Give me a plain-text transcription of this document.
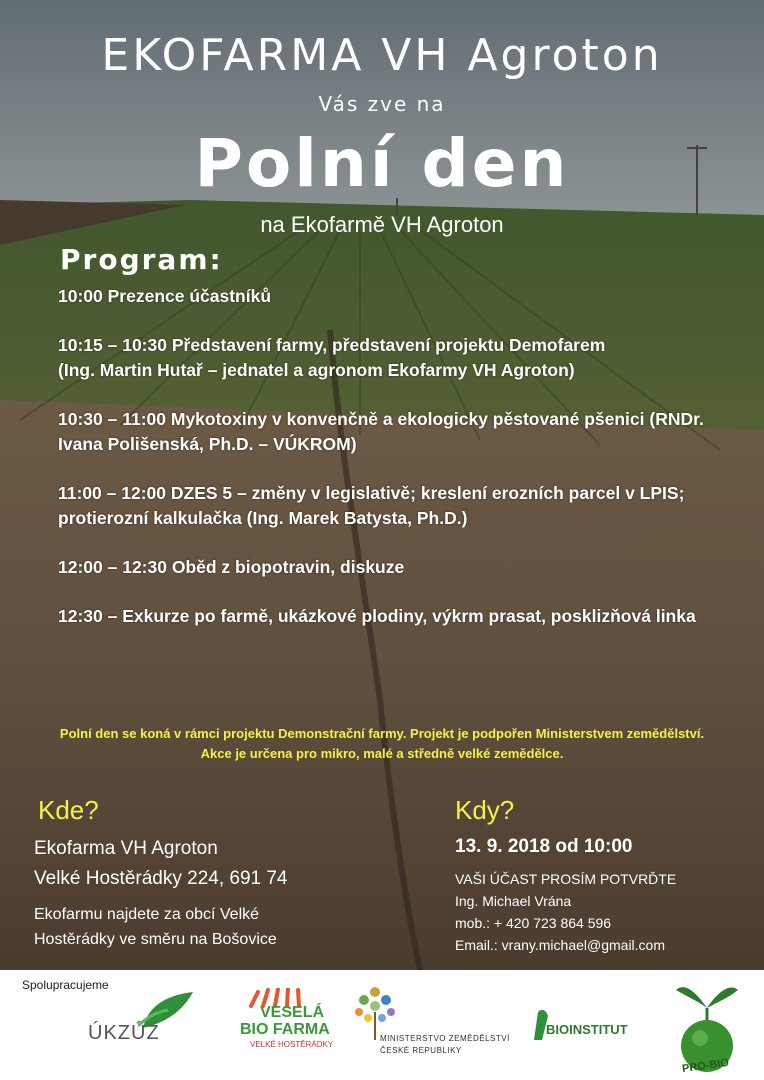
EKOFARMA VH Agroton
Vás zve na
Polní den
na Ekofarmě VH Agroton
Program:
10:00 Prezence účastníků
10:15 – 10:30 Představení farmy, představení projektu Demofarem
(Ing. Martin Hutař – jednatel a agronom Ekofarmy VH Agroton)
10:30 – 11:00 Mykotoxiny v konvenčně a ekologicky pěstované pšenici (RNDr. Ivana Polišenská, Ph.D. – VÚKROM)
11:00 – 12:00 DZES 5 – změny v legislativě; kreslení erozních parcel v LPIS; protierozní kalkulačka (Ing. Marek Batysta, Ph.D.)
12:00 – 12:30 Oběd z biopotravin, diskuze
12:30 – Exkurze po farmě, ukázkové plodiny, výkrm prasat, posklizňová linka
Polní den se koná v rámci projektu Demonstrační farmy. Projekt je podpořen Ministerstvem zemědělství.
Akce je určena pro mikro, malé a středně velké zemědělce.
Kde?
Ekofarma VH Agroton
Velké Hostěrádky 224, 691 74
Ekofarmu najdete za obcí Velké
Hostěrádky ve směru na Bošovice
Kdy?
13. 9. 2018 od 10:00
VAŠI ÚČAST PROSÍM POTVRĎTE
Ing. Michael Vrána
mob.: + 420 723 864 596
Email.: vrany.michael@gmail.com
Spolupracujeme
ÚKZÚZ
VESELÁ
BIO FARMA
VELKÉ HOSTĚRÁDKY
MINISTERSTVO ZEMĚDĚLSTVÍ
ČESKÉ REPUBLIKY
BIOINSTITUT
PRO-BIO
